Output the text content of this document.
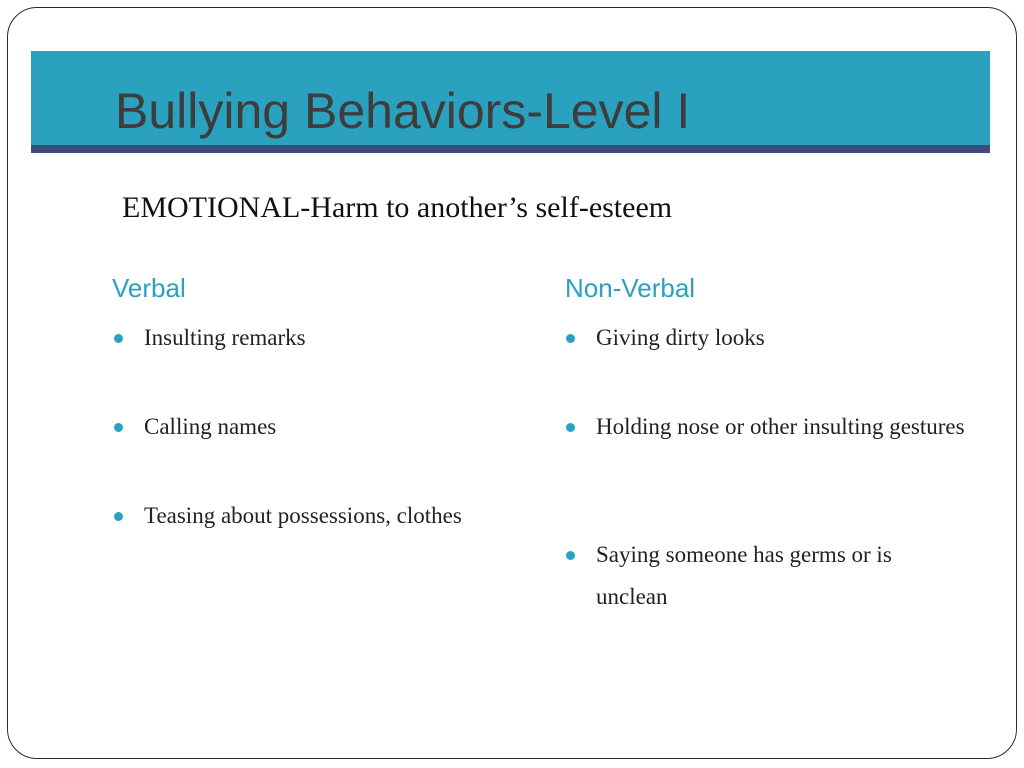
Bullying Behaviors-Level I
EMOTIONAL-Harm to another’s self-esteem
Verbal	Non-Verbal
Insulting remarks
Calling names
Teasing about possessions, clothes
Giving dirty looks
Holding nose or other insulting gestures
Saying someone has germs or is unclean
